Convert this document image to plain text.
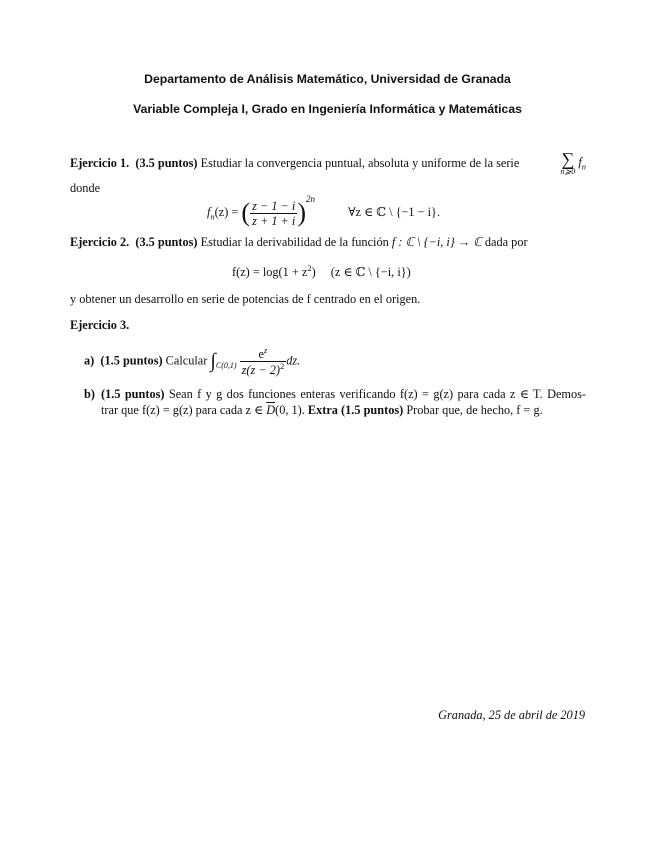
Departamento de Análisis Matemático, Universidad de Granada
Variable Compleja I, Grado en Ingeniería Informática y Matemáticas
Ejercicio 1. (3.5 puntos) Estudiar la convergencia puntual, absoluta y uniforme de la serie ∑
n⩾0
$f_n$
donde
$f_n(z)$ = ( $\frac{z - 1 - i}{z + 1 + i} )^{2n}$ ∀z ∈ ℂ \ {−1 − i}.
Ejercicio 2. (3.5 puntos) Estudiar la derivabilidad de la función f : ℂ \ {−i, i} → ℂ dada por
$f(z) = \log(1 + z^2)$ (z ∈ ℂ \ {−i, i})
y obtener un desarrollo en serie de potencias de f centrado en el origen.
Ejercicio 3.
a) (1.5 puntos) Calcular $\int_{C(0,1)} \frac{e^z}{z(z - 2)^2}$ dz.
b) (1.5 puntos) Sean f y g dos funciones enteras verificando f(z) = g(z) para cada z ∈ T. Demos-
trar que f(z) = g(z) para cada z ∈ $\overline{D}(0$, 1). Extra (1.5 puntos) Probar que, de hecho, f = g.
Granada, 25 de abril de 2019
